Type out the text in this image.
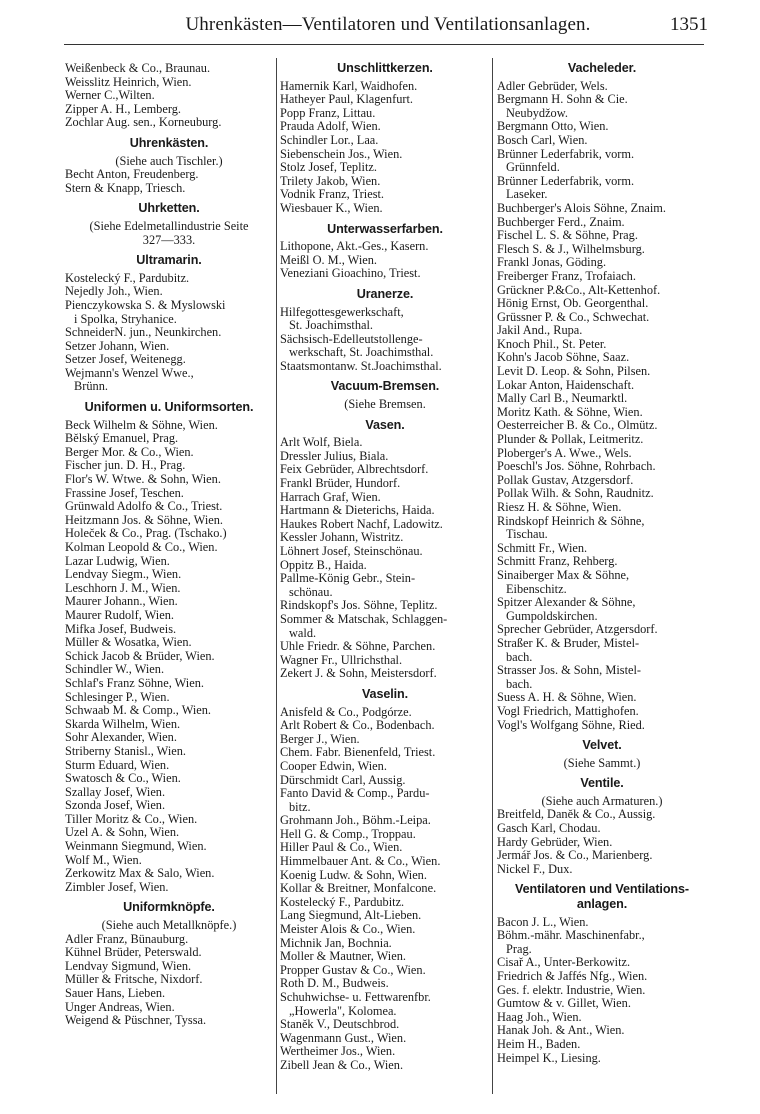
Uhrenkästen—Ventilatoren und Ventilationsanlagen.	1351
Weißenbeck & Co., Braunau.
Weisslitz Heinrich, Wien.
Werner C.,Wilten.
Zipper A. H., Lemberg.
Zochlar Aug. sen., Korneuburg.
Uhrenkästen.
(Siehe auch Tischler.)
Becht Anton, Freudenberg.
Stern & Knapp, Triesch.
Uhrketten.
(Siehe Edelmetallindustrie Seite
327—333.
Ultramarin.
Kostelecký F., Pardubitz.
Nejedly Joh., Wien.
Pienczykowska S. & Myslowski
i Spolka, Stryhanice.
SchneiderN. jun., Neunkirchen.
Setzer Johann, Wien.
Setzer Josef, Weitenegg.
Wejmann's Wenzel Wwe.,
Brünn.
Uniformen u. Uniformsorten.
Beck Wilhelm & Söhne, Wien.
Bělský Emanuel, Prag.
Berger Mor. & Co., Wien.
Fischer jun. D. H., Prag.
Flor's W. Wtwe. & Sohn, Wien.
Frassine Josef, Teschen.
Grünwald Adolfo & Co., Triest.
Heitzmann Jos. & Söhne, Wien.
Holeček & Co., Prag. (Tschako.)
Kolman Leopold & Co., Wien.
Lazar Ludwig, Wien.
Lendvay Siegm., Wien.
Leschhorn J. M., Wien.
Maurer Johann., Wien.
Maurer Rudolf, Wien.
Mifka Josef, Budweis.
Müller & Wosatka, Wien.
Schick Jacob & Brüder, Wien.
Schindler W., Wien.
Schlaf's Franz Söhne, Wien.
Schlesinger P., Wien.
Schwaab M. & Comp., Wien.
Skarda Wilhelm, Wien.
Sohr Alexander, Wien.
Striberny Stanisl., Wien.
Sturm Eduard, Wien.
Swatosch & Co., Wien.
Szallay Josef, Wien.
Szonda Josef, Wien.
Tiller Moritz & Co., Wien.
Uzel A. & Sohn, Wien.
Weinmann Siegmund, Wien.
Wolf M., Wien.
Zerkowitz Max & Salo, Wien.
Zimbler Josef, Wien.
Uniformknöpfe.
(Siehe auch Metallknöpfe.)
Adler Franz, Bünauburg.
Kühnel Brüder, Peterswald.
Lendvay Sigmund, Wien.
Müller & Fritsche, Nixdorf.
Sauer Hans, Lieben.
Unger Andreas, Wien.
Weigend & Püschner, Tyssa.
Unschlittkerzen.
Hamernik Karl, Waidhofen.
Hatheyer Paul, Klagenfurt.
Popp Franz, Littau.
Prauda Adolf, Wien.
Schindler Lor., Laa.
Siebenschein Jos., Wien.
Stolz Josef, Teplitz.
Trilety Jakob, Wien.
Vodnik Franz, Triest.
Wiesbauer K., Wien.
Unterwasserfarben.
Lithopone, Akt.-Ges., Kasern.
Meißl O. M., Wien.
Veneziani Gioachino, Triest.
Uranerze.
Hilfegottesgewerkschaft,
St. Joachimsthal.
Sächsisch-Edelleutstollenge-
werkschaft, St. Joachimsthal.
Staatsmontanw. St.Joachimsthal.
Vacuum-Bremsen.
(Siehe Bremsen.
Vasen.
Arlt Wolf, Biela.
Dressler Julius, Biala.
Feix Gebrüder, Albrechtsdorf.
Frankl Brüder, Hundorf.
Harrach Graf, Wien.
Hartmann & Dieterichs, Haida.
Haukes Robert Nachf, Ladowitz.
Kessler Johann, Wistritz.
Löhnert Josef, Steinschönau.
Oppitz B., Haida.
Pallme-König Gebr., Stein-
schönau.
Rindskopf's Jos. Söhne, Teplitz.
Sommer & Matschak, Schlaggen-
wald.
Uhle Friedr. & Söhne, Parchen.
Wagner Fr., Ullrichsthal.
Zekert J. & Sohn, Meistersdorf.
Vaselin.
Anisfeld & Co., Podgórze.
Arlt Robert & Co., Bodenbach.
Berger J., Wien.
Chem. Fabr. Bienenfeld, Triest.
Cooper Edwin, Wien.
Dürschmidt Carl, Aussig.
Fanto David & Comp., Pardu-
bitz.
Grohmann Joh., Böhm.-Leipa.
Hell G. & Comp., Troppau.
Hiller Paul & Co., Wien.
Himmelbauer Ant. & Co., Wien.
Koenig Ludw. & Sohn, Wien.
Kollar & Breitner, Monfalcone.
Kostelecký F., Pardubitz.
Lang Siegmund, Alt-Lieben.
Meister Alois & Co., Wien.
Michnik Jan, Bochnia.
Moller & Mautner, Wien.
Propper Gustav & Co., Wien.
Roth D. M., Budweis.
Schuhwichse- u. Fettwarenfbr.
„Howerla", Kolomea.
Staněk V., Deutschbrod.
Wagenmann Gust., Wien.
Wertheimer Jos., Wien.
Zibell Jean & Co., Wien.
Vacheleder.
Adler Gebrüder, Wels.
Bergmann H. Sohn & Cie.
Neubydžow.
Bergmann Otto, Wien.
Bosch Carl, Wien.
Brünner Lederfabrik, vorm.
Grünnfeld.
Brünner Lederfabrik, vorm.
Laseker.
Buchberger's Alois Söhne, Znaim.
Buchberger Ferd., Znaim.
Fischel L. S. & Söhne, Prag.
Flesch S. & J., Wilhelmsburg.
Frankl Jonas, Göding.
Freiberger Franz, Trofaiach.
Grückner P.&Co., Alt-Kettenhof.
Hönig Ernst, Ob. Georgenthal.
Grüssner P. & Co., Schwechat.
Jakil And., Rupa.
Knoch Phil., St. Peter.
Kohn's Jacob Söhne, Saaz.
Levit D. Leop. & Sohn, Pilsen.
Lokar Anton, Haidenschaft.
Mally Carl B., Neumarktl.
Moritz Kath. & Söhne, Wien.
Oesterreicher B. & Co., Olmütz.
Plunder & Pollak, Leitmeritz.
Ploberger's A. Wwe., Wels.
Poeschl's Jos. Söhne, Rohrbach.
Pollak Gustav, Atzgersdorf.
Pollak Wilh. & Sohn, Raudnitz.
Riesz H. & Söhne, Wien.
Rindskopf Heinrich & Söhne,
Tischau.
Schmitt Fr., Wien.
Schmitt Franz, Rehberg.
Sinaiberger Max & Söhne,
Eibenschitz.
Spitzer Alexander & Söhne,
Gumpoldskirchen.
Sprecher Gebrüder, Atzgersdorf.
Straßer K. & Bruder, Mistel-
bach.
Strasser Jos. & Sohn, Mistel-
bach.
Suess A. H. & Söhne, Wien.
Vogl Friedrich, Mattighofen.
Vogl's Wolfgang Söhne, Ried.
Velvet.
(Siehe Sammt.)
Ventile.
(Siehe auch Armaturen.)
Breitfeld, Daněk & Co., Aussig.
Gasch Karl, Chodau.
Hardy Gebrüder, Wien.
Jermář Jos. & Co., Marienberg.
Nickel F., Dux.
Ventilatoren und Ventilations-
anlagen.
Bacon J. L., Wien.
Böhm.-mähr. Maschinenfabr.,
Prag.
Cisař A., Unter-Berkowitz.
Friedrich & Jaffés Nfg., Wien.
Ges. f. elektr. Industrie, Wien.
Gumtow & v. Gillet, Wien.
Haag Joh., Wien.
Hanak Joh. & Ant., Wien.
Heim H., Baden.
Heimpel K., Liesing.
